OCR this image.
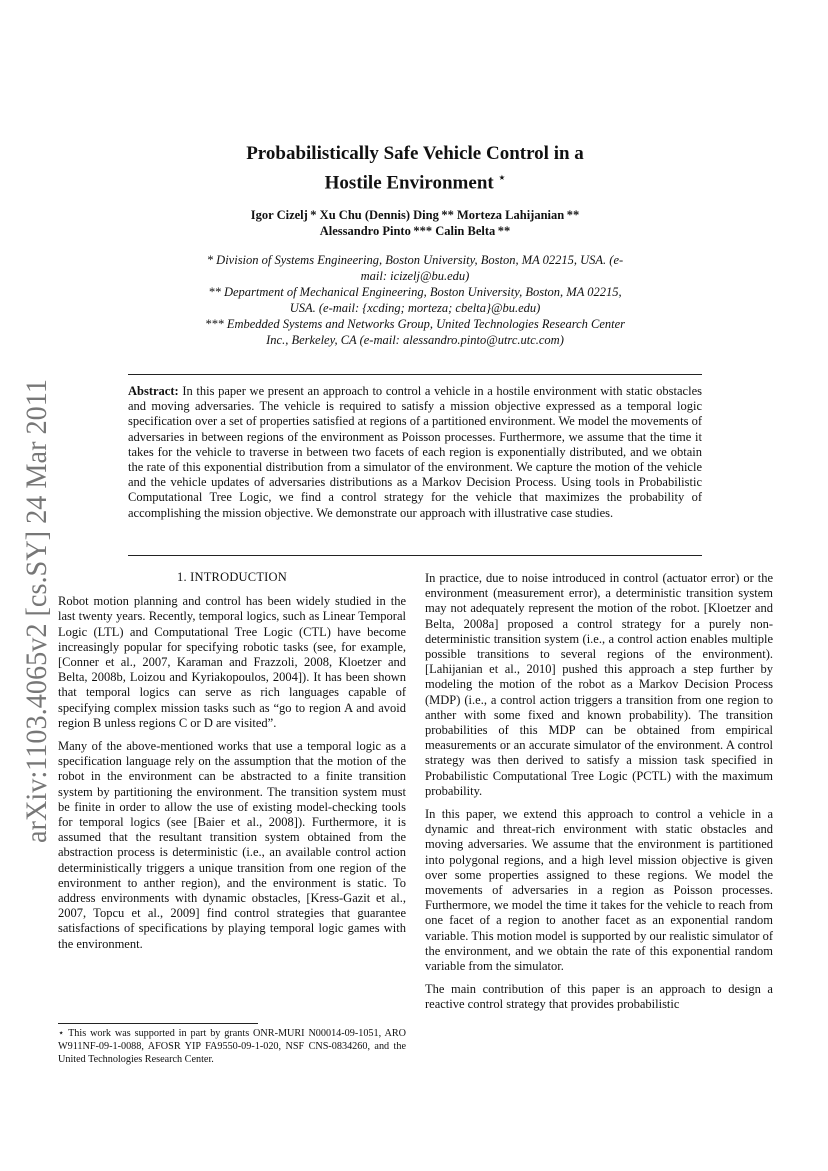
arXiv:1103.4065v2 [cs.SY] 24 Mar 2011
Probabilistically Safe Vehicle Control in a
Hostile Environment ⋆
Igor Cizelj * Xu Chu (Dennis) Ding ** Morteza Lahijanian **
Alessandro Pinto *** Calin Belta **

* Division of Systems Engineering, Boston University, Boston, MA 02215, USA. (e-mail: icizelj@bu.edu)

** Department of Mechanical Engineering, Boston University, Boston, MA 02215, USA. (e-mail: {xcding; morteza; cbelta}@bu.edu)

*** Embedded Systems and Networks Group, United Technologies Research Center Inc., Berkeley, CA (e-mail: alessandro.pinto@utrc.utc.com)

Abstract: In this paper we present an approach to control a vehicle in a hostile environment with static obstacles and moving adversaries. The vehicle is required to satisfy a mission objective expressed as a temporal logic specification over a set of properties satisfied at regions of a partitioned environment. We model the movements of adversaries in between regions of the environment as Poisson processes. Furthermore, we assume that the time it takes for the vehicle to traverse in between two facets of each region is exponentially distributed, and we obtain the rate of this exponential distribution from a simulator of the environment. We capture the motion of the vehicle and the vehicle updates of adversaries distributions as a Markov Decision Process. Using tools in Probabilistic Computational Tree Logic, we find a control strategy for the vehicle that maximizes the probability of accomplishing the mission objective. We demonstrate our approach with illustrative case studies.
1. INTRODUCTION

Robot motion planning and control has been widely studied in the last twenty years. Recently, temporal logics, such as Linear Temporal Logic (LTL) and Computational Tree Logic (CTL) have become increasingly popular for specifying robotic tasks (see, for example, [Conner et al., 2007, Karaman and Frazzoli, 2008, Kloetzer and Belta, 2008b, Loizou and Kyriakopoulos, 2004]). It has been shown that temporal logics can serve as rich languages capable of specifying complex mission tasks such as “go to region A and avoid region B unless regions C or D are visited”.

Many of the above-mentioned works that use a temporal logic as a specification language rely on the assumption that the motion of the robot in the environment can be abstracted to a finite transition system by partitioning the environment. The transition system must be finite in order to allow the use of existing model-checking tools for temporal logics (see [Baier et al., 2008]). Furthermore, it is assumed that the resultant transition system obtained from the abstraction process is deterministic (i.e., an available control action deterministically triggers a unique transition from one region of the environment to anther region), and the environment is static. To address environments with dynamic obstacles, [Kress-Gazit et al., 2007, Topcu et al., 2009] find control strategies that guarantee satisfactions of specifications by playing temporal logic games with the environment.

In practice, due to noise introduced in control (actuator error) or the environment (measurement error), a deterministic transition system may not adequately represent the motion of the robot. [Kloetzer and Belta, 2008a] proposed a control strategy for a purely non-deterministic transition system (i.e., a control action enables multiple possible transitions to several regions of the environment). [Lahijanian et al., 2010] pushed this approach a step further by modeling the motion of the robot as a Markov Decision Process (MDP) (i.e., a control action triggers a transition from one region to anther with some fixed and known probability). The transition probabilities of this MDP can be obtained from empirical measurements or an accurate simulator of the environment. A control strategy was then derived to satisfy a mission task specified in Probabilistic Computational Tree Logic (PCTL) with the maximum probability.

In this paper, we extend this approach to control a vehicle in a dynamic and threat-rich environment with static obstacles and moving adversaries. We assume that the environment is partitioned into polygonal regions, and a high level mission objective is given over some properties assigned to these regions. We model the movements of adversaries in a region as Poisson processes. Furthermore, we model the time it takes for the vehicle to reach from one facet of a region to another facet as an exponential random variable. This motion model is supported by our realistic simulator of the environment, and we obtain the rate of this exponential random variable from the simulator.

The main contribution of this paper is an approach to design a reactive control strategy that provides probabilistic

⋆ This work was supported in part by grants ONR-MURI N00014-09-1051, ARO W911NF-09-1-0088, AFOSR YIP FA9550-09-1-020, NSF CNS-0834260, and the United Technologies Research Center.
